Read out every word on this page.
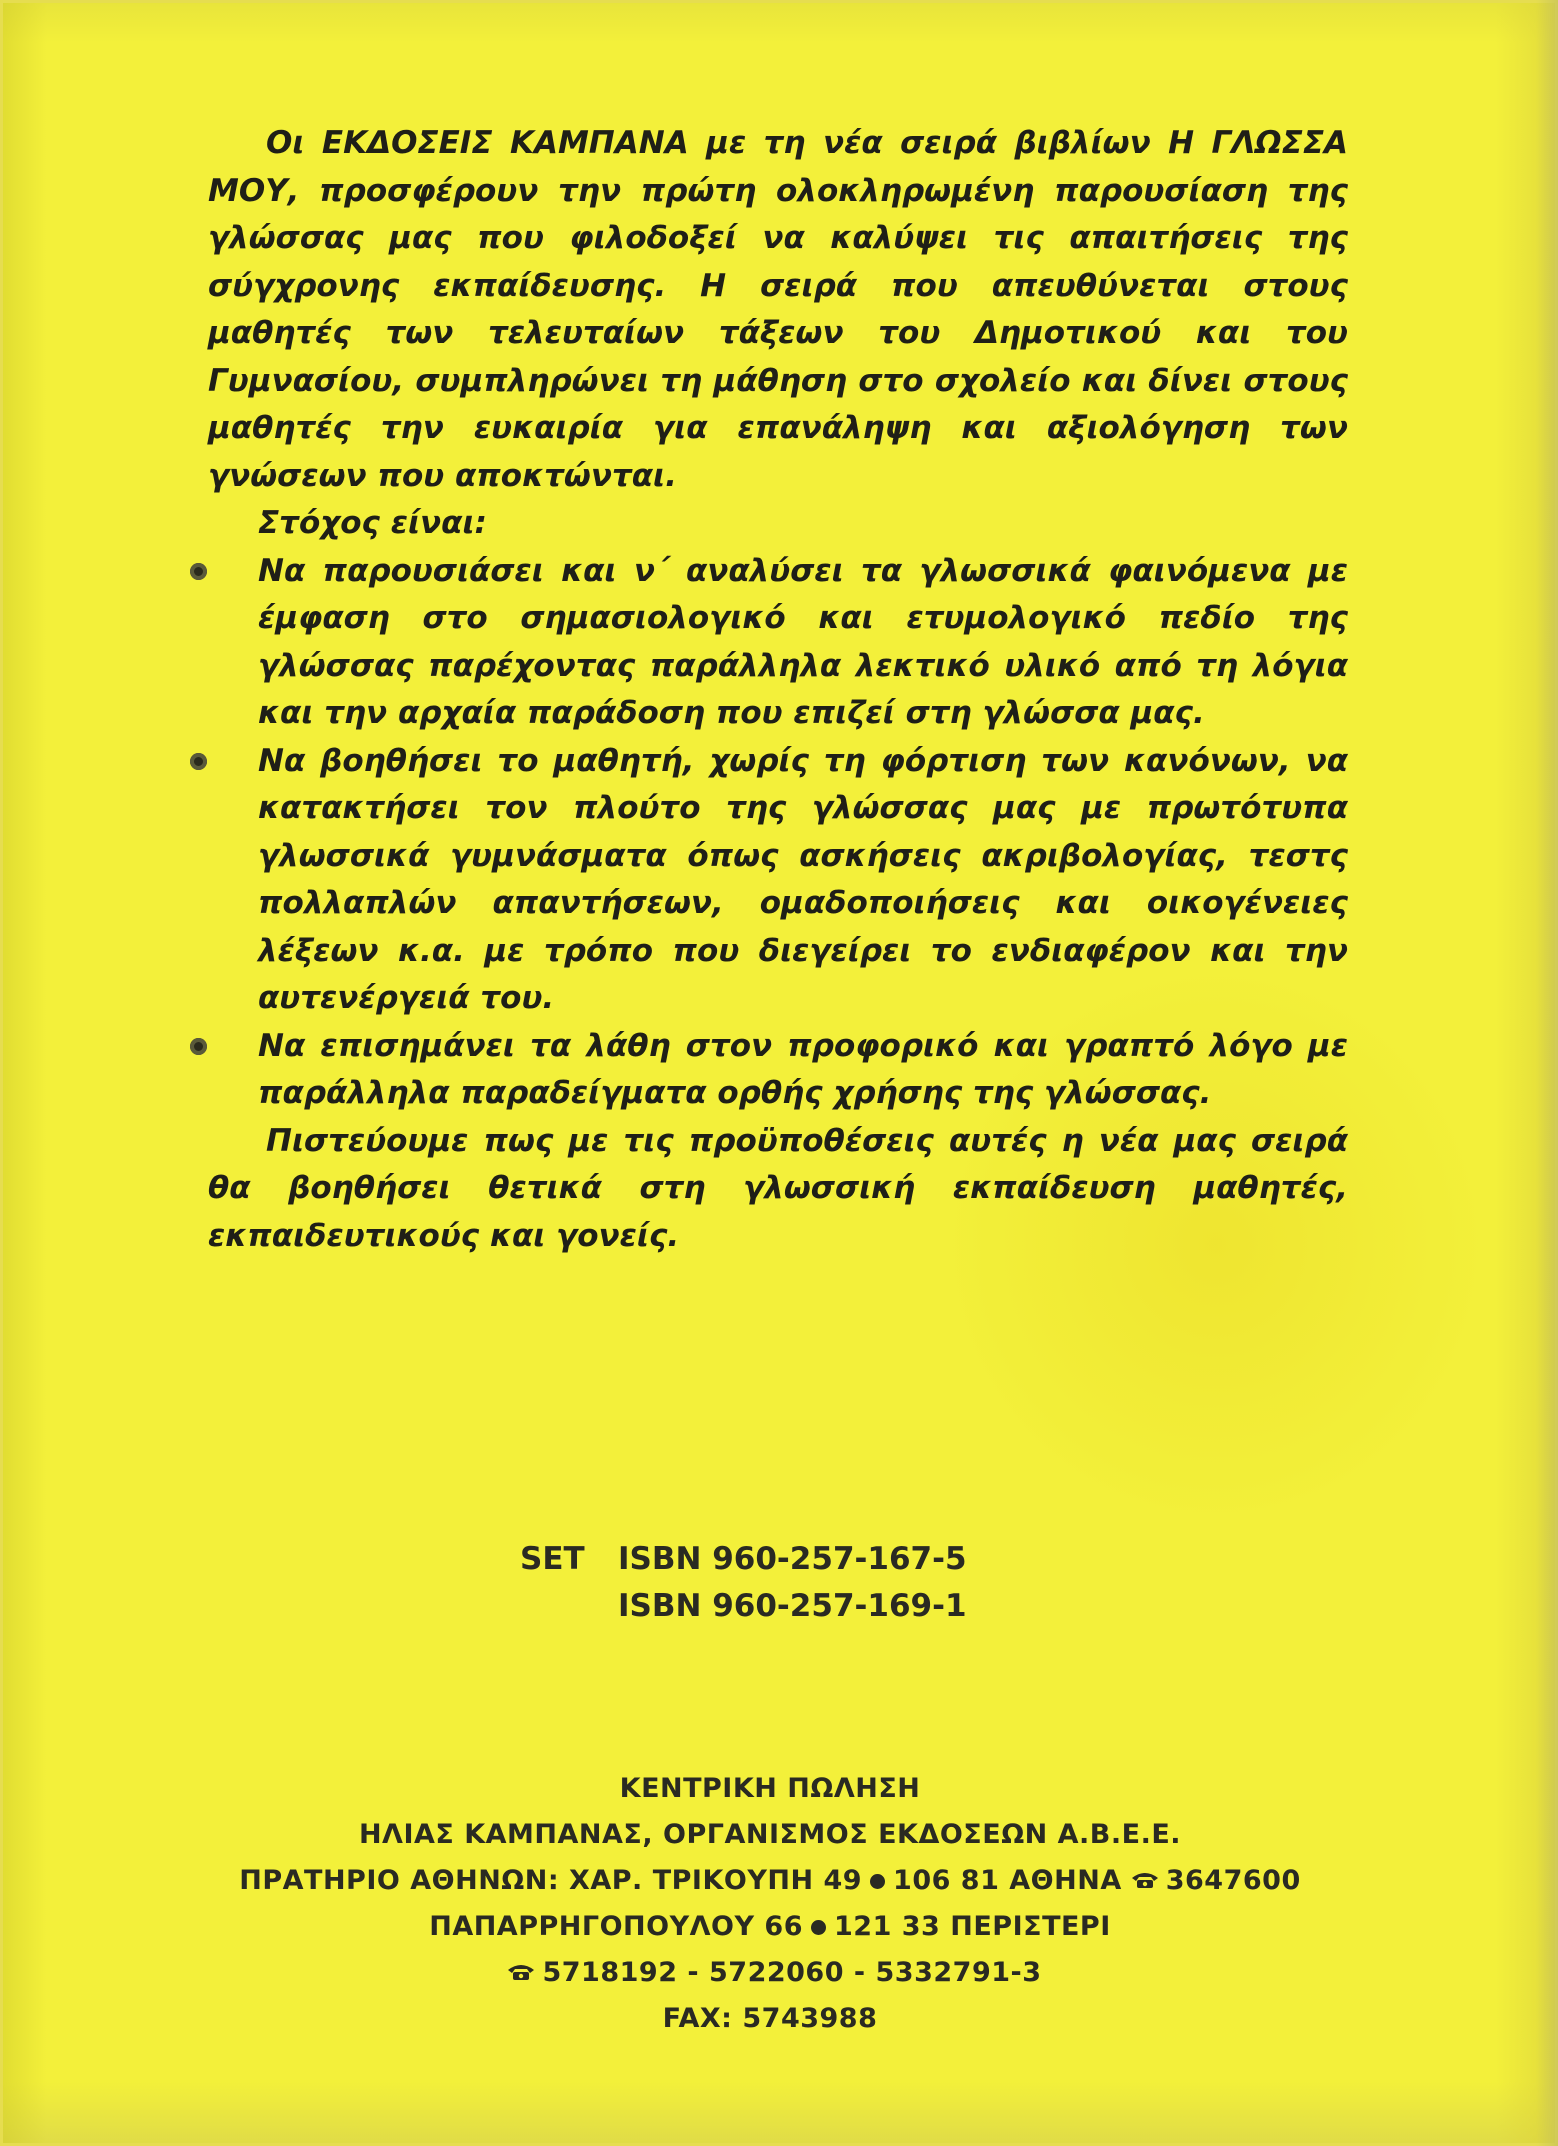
Οι ΕΚΔΟΣΕΙΣ ΚΑΜΠΑΝΑ με τη νέα σειρά βιβλίων Η ΓΛΩΣΣΑ ΜΟΥ, προσφέρουν την πρώτη ολοκληρωμένη παρουσίαση της γλώσσας μας που φιλοδοξεί να καλύψει τις απαιτήσεις της σύγχρονης εκπαίδευσης. Η σειρά που απευθύνεται στους μαθητές των τελευταίων τάξεων του Δημοτικού και του Γυμνασίου, συμπληρώνει τη μάθηση στο σχολείο και δίνει στους μαθητές την ευκαιρία για επανάληψη και αξιολόγηση των γνώσεων που αποκτώνται.

Στόχος είναι:

Να παρουσιάσει και ν΄ αναλύσει τα γλωσσικά φαινόμενα με έμφαση στο σημασιολογικό και ετυμολογικό πεδίο της γλώσσας παρέχοντας παράλληλα λεκτικό υλικό από τη λόγια και την αρχαία παράδοση που επιζεί στη γλώσσα μας.
Να βοηθήσει το μαθητή, χωρίς τη φόρτιση των κανόνων, να κατακτήσει τον πλούτο της γλώσσας μας με πρωτότυπα γλωσσικά γυμνάσματα όπως ασκήσεις ακριβολογίας, τεστς πολλαπλών απαντήσεων, ομαδοποιήσεις και οικογένειες λέξεων κ.α. με τρόπο που διεγείρει το ενδιαφέρον και την αυτενέργειά του.
Να επισημάνει τα λάθη στον προφορικό και γραπτό λόγο με παράλληλα παραδείγματα ορθής χρήσης της γλώσσας.

Πιστεύουμε πως με τις προϋποθέσεις αυτές η νέα μας σειρά θα βοηθήσει θετικά στη γλωσσική εκπαίδευση μαθητές, εκπαιδευτικούς και γονείς.

SET	ISBN 960-257-167-5
ISBN 960-257-169-1
ΚΕΝΤΡΙΚΗ ΠΩΛΗΣΗ
ΗΛΙΑΣ ΚΑΜΠΑΝΑΣ, ΟΡΓΑΝΙΣΜΟΣ ΕΚΔΟΣΕΩΝ Α.Β.Ε.Ε.
ΠΡΑΤΗΡΙΟ ΑΘΗΝΩΝ: ΧΑΡ. ΤΡΙΚΟΥΠΗ 49 106 81 ΑΘΗΝΑ 3647600
ΠΑΠΑΡΡΗΓΟΠΟΥΛΟΥ 66 121 33 ΠΕΡΙΣΤΕΡΙ
5718192 - 5722060 - 5332791-3
FAX: 5743988
